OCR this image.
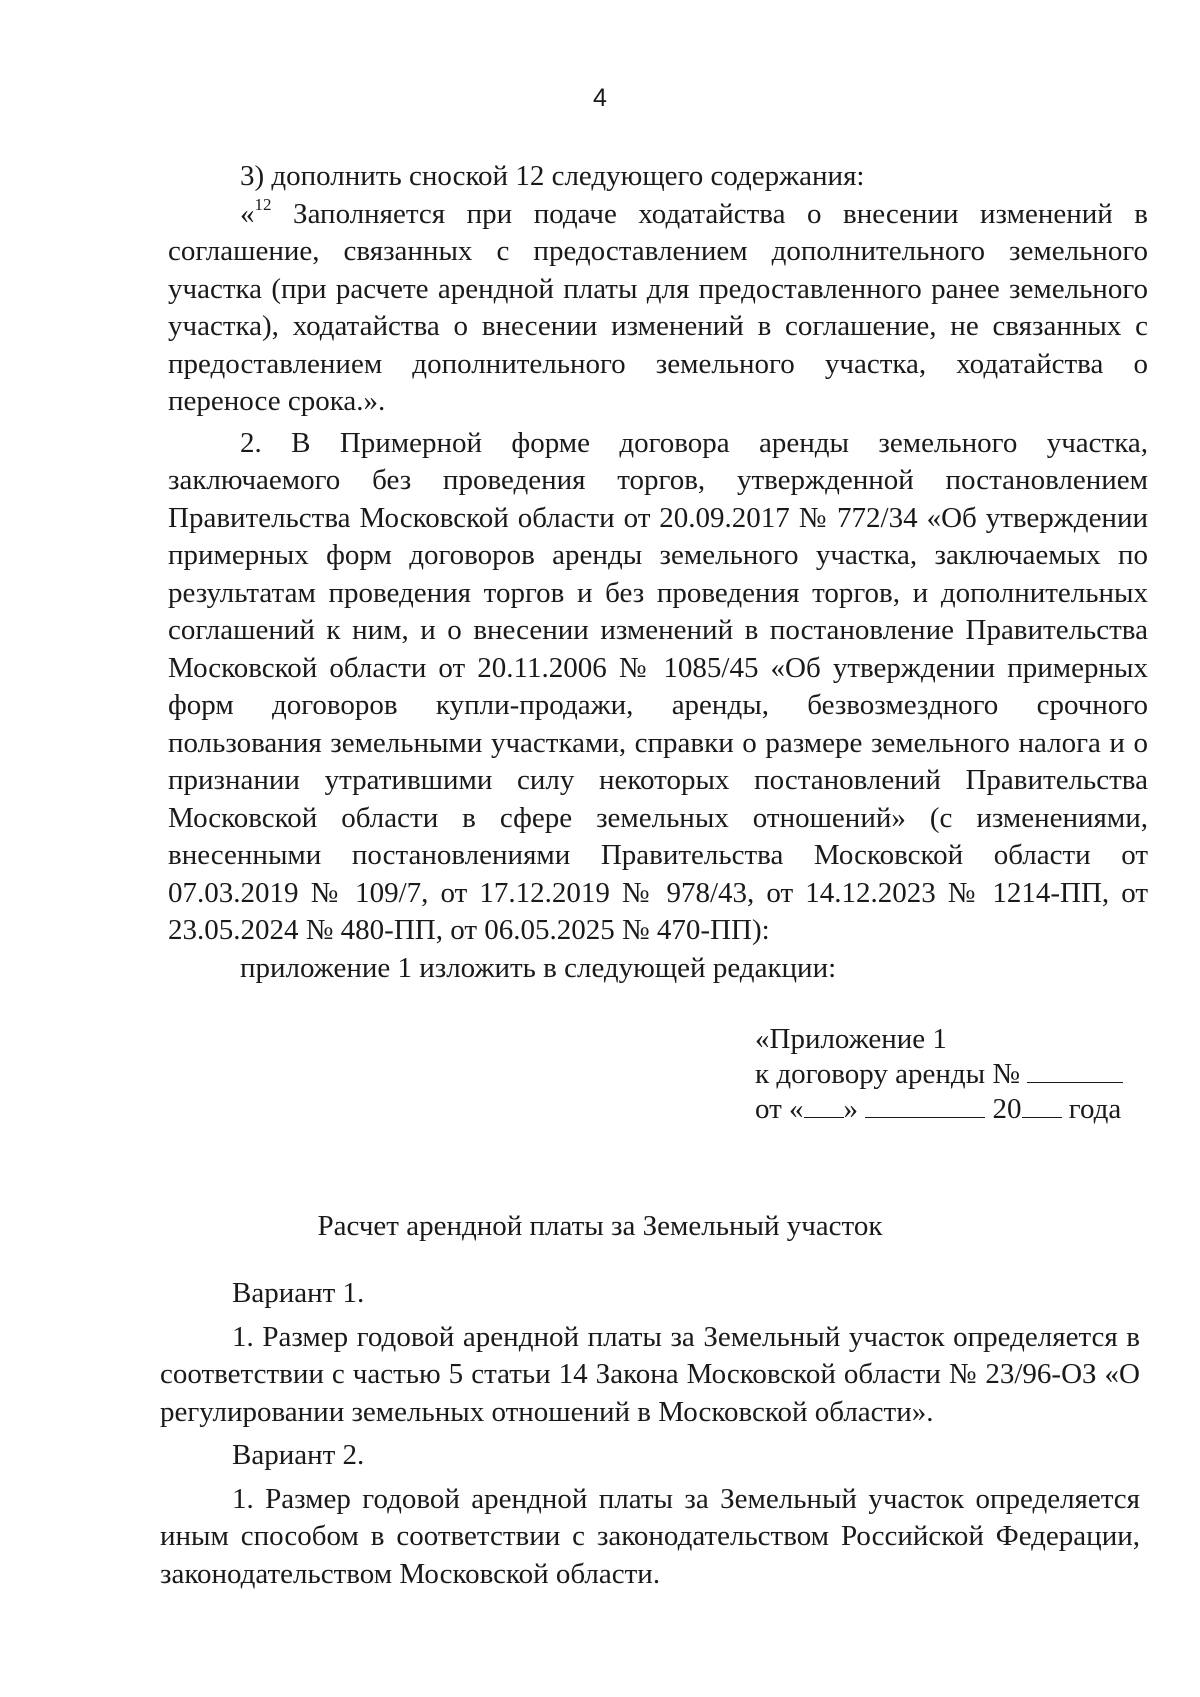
4

3) дополнить сноской 12 следующего содержания:

«$^{12}$ Заполняется при подаче ходатайства о внесении изменений в соглашение, связанных с предоставлением дополнительного земельного участка (при расчете арендной платы для предоставленного ранее земельного участка), ходатайства о внесении изменений в соглашение, не связанных с предоставлением дополнительного земельного участка, ходатайства о переносе срока.».

2. В Примерной форме договора аренды земельного участка, заключаемого без проведения торгов, утвержденной постановлением Правительства Московской области от 20.09.2017 № 772/34 «Об утверждении примерных форм договоров аренды земельного участка, заключаемых по результатам проведения торгов и без проведения торгов, и дополнительных соглашений к ним, и о внесении изменений в постановление Правительства Московской области от 20.11.2006 № 1085/45 «Об утверждении примерных форм договоров купли-продажи, аренды, безвозмездного срочного пользования земельными участками, справки о размере земельного налога и о признании утратившими силу некоторых постановлений Правительства Московской области в сфере земельных отношений» (с изменениями, внесенными постановлениями Правительства Московской области от 07.03.2019 № 109/7, от 17.12.2019 № 978/43, от 14.12.2023 № 1214-ПП, от 23.05.2024 № 480-ПП, от 06.05.2025 № 470-ПП):

приложение 1 изложить в следующей редакции:

«Приложение 1
к договору аренды №
от « »	20 года
Расчет арендной платы за Земельный участок

Вариант 1.

1. Размер годовой арендной платы за Земельный участок определяется в соответствии с частью 5 статьи 14 Закона Московской области № 23/96-ОЗ «О регулировании земельных отношений в Московской области».

Вариант 2.

1. Размер годовой арендной платы за Земельный участок определяется иным способом в соответствии с законодательством Российской Федерации, законодательством Московской области.
